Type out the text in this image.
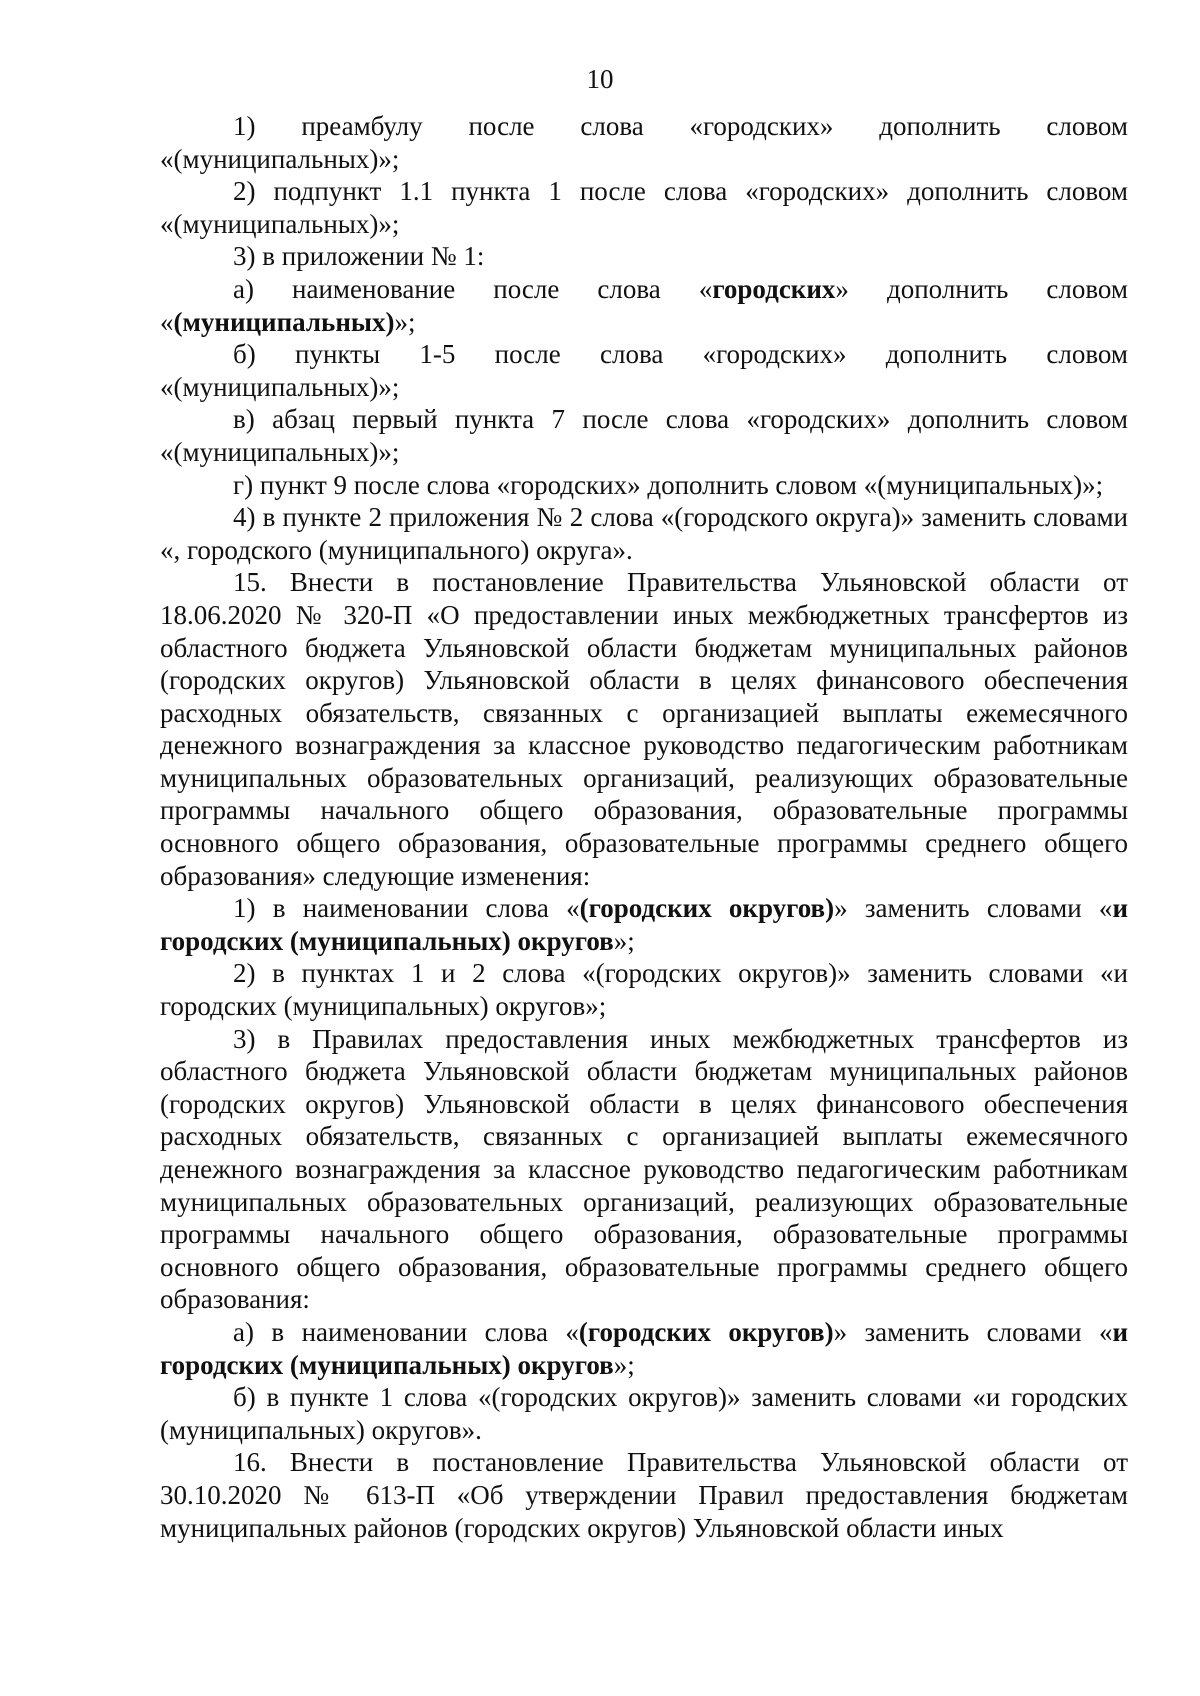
10

1) преамбулу после слова «городских» дополнить словом «(муниципальных)»;

2) подпункт 1.1 пункта 1 после слова «городских» дополнить словом «(муниципальных)»;

3) в приложении № 1:

а) наименование после слова «городских» дополнить словом «(муниципальных)»;

б) пункты 1-5 после слова «городских» дополнить словом «(муниципальных)»;

в) абзац первый пункта 7 после слова «городских» дополнить словом «(муниципальных)»;

г) пункт 9 после слова «городских» дополнить словом «(муниципальных)»;

4) в пункте 2 приложения № 2 слова «(городского округа)» заменить словами «, городского (муниципального) округа».

15. Внести в постановление Правительства Ульяновской области от 18.06.2020 № 320-П «О предоставлении иных межбюджетных трансфертов из областного бюджета Ульяновской области бюджетам муниципальных районов (городских округов) Ульяновской области в целях финансового обеспечения расходных обязательств, связанных с организацией выплаты ежемесячного денежного вознаграждения за классное руководство педагогическим работникам муниципальных образовательных организаций, реализующих образовательные программы начального общего образования, образовательные программы основного общего образования, образовательные программы среднего общего образования» следующие изменения:

1) в наименовании слова «(городских округов)» заменить словами «и городских (муниципальных) округов»;

2) в пунктах 1 и 2 слова «(городских округов)» заменить словами «и городских (муниципальных) округов»;

3) в Правилах предоставления иных межбюджетных трансфертов из областного бюджета Ульяновской области бюджетам муниципальных районов (городских округов) Ульяновской области в целях финансового обеспечения расходных обязательств, связанных с организацией выплаты ежемесячного денежного вознаграждения за классное руководство педагогическим работникам муниципальных образовательных организаций, реализующих образовательные программы начального общего образования, образовательные программы основного общего образования, образовательные программы среднего общего образования:

а) в наименовании слова «(городских округов)» заменить словами «и городских (муниципальных) округов»;

б) в пункте 1 слова «(городских округов)» заменить словами «и городских (муниципальных) округов».

16. Внести в постановление Правительства Ульяновской области от 30.10.2020 № 613-П «Об утверждении Правил предоставления бюджетам муниципальных районов (городских округов) Ульяновской области иных
